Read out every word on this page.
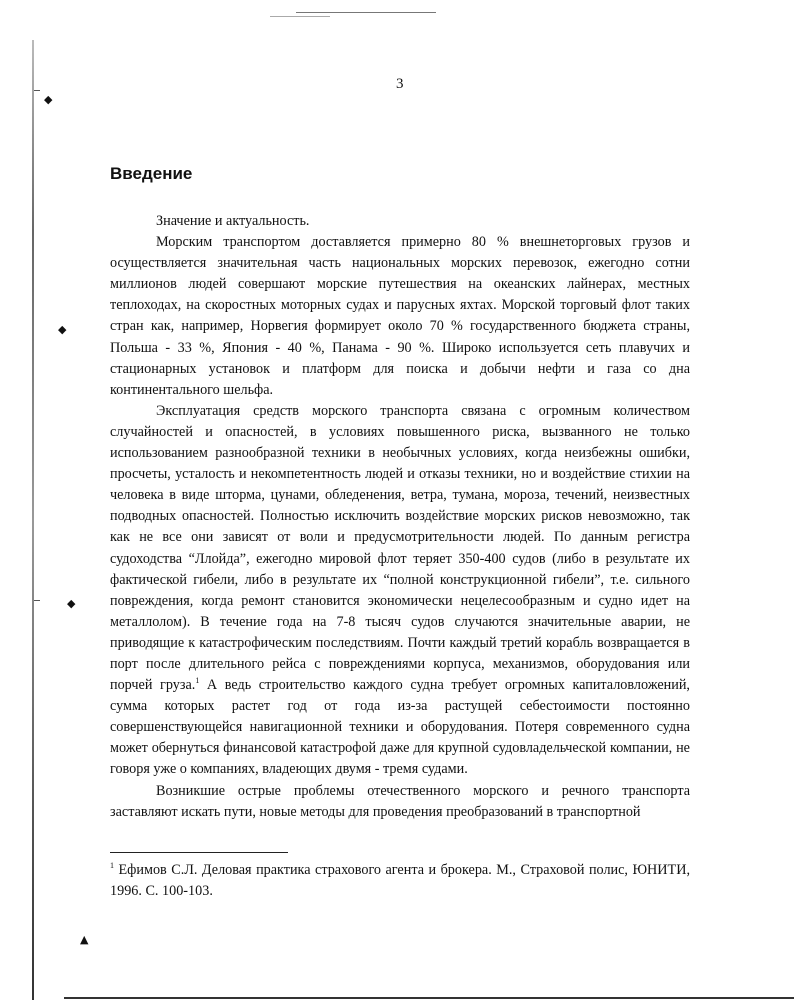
◆
◆
◆
▲
3
Введение

Значение и актуальность.

Морским транспортом доставляется примерно 80 % внешнеторговых грузов и осуществляется значительная часть национальных морских перевозок, ежегодно сотни миллионов людей совершают морские путешествия на океанских лайнерах, местных теплоходах, на скоростных моторных судах и парусных яхтах. Морской торговый флот таких стран как, например, Норвегия формирует около 70 % государственного бюджета страны, Польша - 33 %, Япония - 40 %, Панама - 90 %. Широко используется сеть плавучих и стационарных установок и платформ для поиска и добычи нефти и газа со дна континентального шельфа.

Эксплуатация средств морского транспорта связана с огромным количеством случайностей и опасностей, в условиях повышенного риска, вызванного не только использованием разнообразной техники в необычных условиях, когда неизбежны ошибки, просчеты, усталость и некомпетентность людей и отказы техники, но и воздействие стихии на человека в виде шторма, цунами, обледенения, ветра, тумана, мороза, течений, неизвестных подводных опасностей. Полностью исключить воздействие морских рисков невозможно, так как не все они зависят от воли и предусмотрительности людей. По данным регистра судоходства “Ллойда”, ежегодно мировой флот теряет 350-400 судов (либо в результате их фактической гибели, либо в результате их “полной конструкционной гибели”, т.е. сильного повреждения, когда ремонт становится экономически нецелесообразным и судно идет на металлолом). В течение года на 7-8 тысяч судов случаются значительные аварии, не приводящие к катастрофическим последствиям. Почти каждый третий корабль возвращается в порт после длительного рейса с повреждениями корпуса, механизмов, оборудования или порчей груза.$^1$ А ведь строительство каждого судна требует огромных капиталовложений, сумма которых растет год от года из-за растущей себестоимости постоянно совершенствующейся навигационной техники и оборудования. Потеря современного судна может обернуться финансовой катастрофой даже для крупной судовладельческой компании, не говоря уже о компаниях, владеющих двумя - тремя судами.

Возникшие острые проблемы отечественного морского и речного транспорта заставляют искать пути, новые методы для проведения преобразований в транспортной

$^1$ Ефимов С.Л. Деловая практика страхового агента и брокера. М., Страховой полис, ЮНИТИ, 1996. С. 100-103.
